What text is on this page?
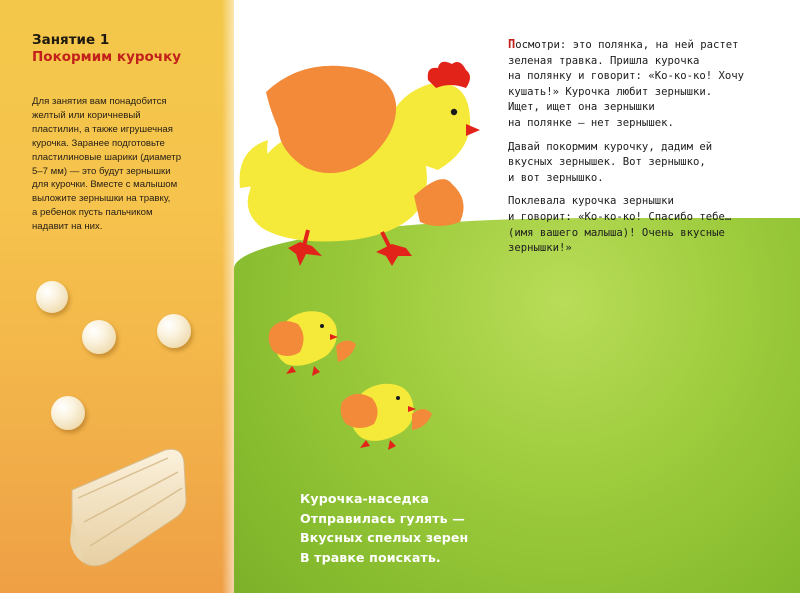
Занятие 1
Покормим курочку
Для занятия вам понадобится
желтый или коричневый
пластилин, а также игрушечная
курочка. Заранее подготовьте
пластилиновые шарики (диаметр
5–7 мм) — это будут зернышки
для курочки. Вместе с малышом
выложите зернышки на травку,
а ребенок пусть пальчиком
надавит на них.

Посмотри: это полянка, на ней растет
зеленая травка. Пришла курочка
на полянку и говорит: «Ко-ко-ко! Хочу
кушать!» Курочка любит зернышки.
Ищет, ищет она зернышки
на полянке — нет зернышек.

Давай покормим курочку, дадим ей
вкусных зернышек. Вот зернышко,
и вот зернышко.

Поклевала курочка зернышки
и говорит: «Ко-ко-ко! Спасибо тебе…
(имя вашего малыша)! Очень вкусные
зернышки!»

Курочка-наседка
Отправилась гулять —
Вкусных спелых зерен
В травке поискать.
